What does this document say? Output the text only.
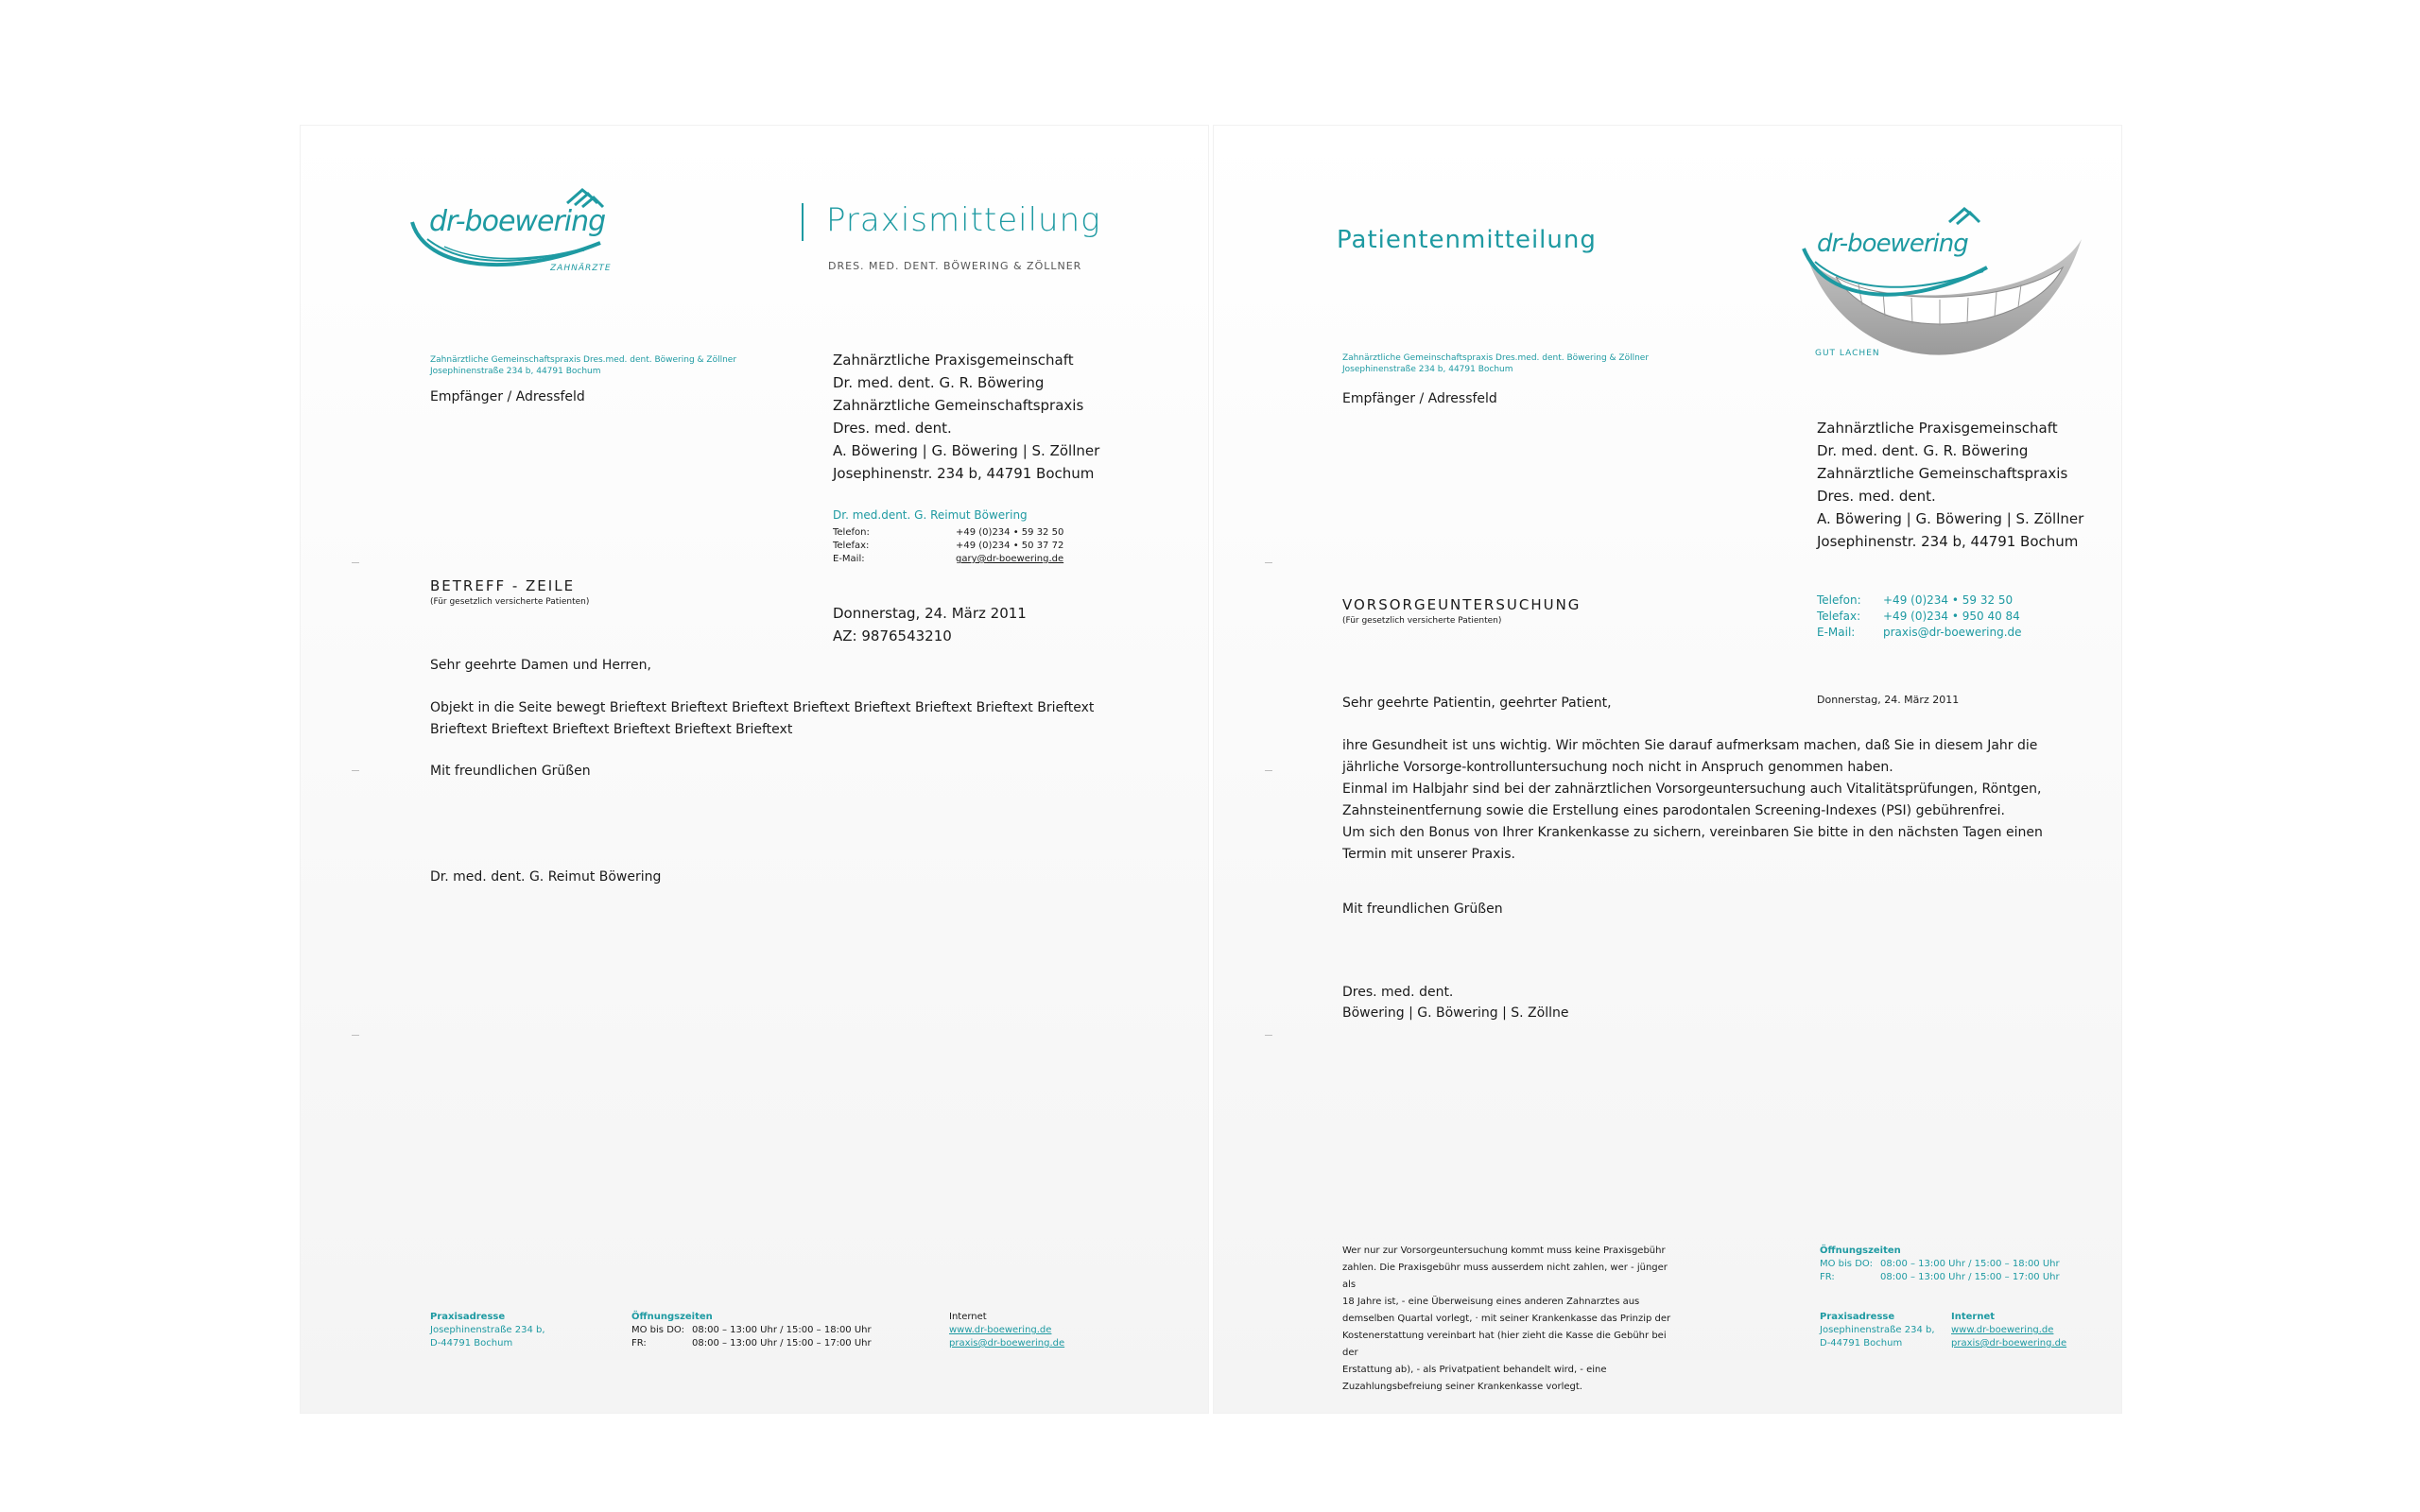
dr-boewering
ZAHNÄRZTE
Praxismitteilung
DRES. MED. DENT. BÖWERING & ZÖLLNER
Zahnärztliche Gemeinschaftspraxis Dres.med. dent. Böwering & Zöllner
Josephinenstraße 234 b, 44791 Bochum
Empfänger / Adressfeld
Zahnärztliche Praxisgemeinschaft
Dr. med. dent. G. R. Böwering
Zahnärztliche Gemeinschaftspraxis
Dres. med. dent.
A. Böwering | G. Böwering | S. Zöllner
Josephinenstr. 234 b, 44791 Bochum
Dr. med.dent. G. Reimut Böwering
Telefon:	+49 (0)234 • 59 32 50
Telefax:	+49 (0)234 • 50 37 72
E-Mail:	gary@dr-boewering.de
Donnerstag, 24. März 2011
AZ: 9876543210
BETREFF - ZEILE
(Für gesetzlich versicherte Patienten)
Sehr geehrte Damen und Herren,
Objekt in die Seite bewegt Brieftext Brieftext Brieftext Brieftext Brieftext Brieftext Brieftext Brieftext
Brieftext Brieftext Brieftext Brieftext Brieftext Brieftext
Mit freundlichen Grüßen
Dr. med. dent. G. Reimut Böwering
Praxisadresse
Josephinenstraße 234 b,
D-44791 Bochum
Öffnungszeiten
MO bis DO: 08:00 – 13:00 Uhr / 15:00 – 18:00 Uhr
FR:	08:00 – 13:00 Uhr / 15:00 – 17:00 Uhr
Internet
www.dr-boewering.de
praxis@dr-boewering.de
Patientenmitteilung	dr-boewering
GUT LACHEN
Zahnärztliche Gemeinschaftspraxis Dres.med. dent. Böwering & Zöllner
Josephinenstraße 234 b, 44791 Bochum
Empfänger / Adressfeld
Zahnärztliche Praxisgemeinschaft
Dr. med. dent. G. R. Böwering
Zahnärztliche Gemeinschaftspraxis
Dres. med. dent.
A. Böwering | G. Böwering | S. Zöllner
Josephinenstr. 234 b, 44791 Bochum
Telefon:	+49 (0)234 • 59 32 50
Telefax:	+49 (0)234 • 950 40 84
E-Mail:	praxis@dr-boewering.de
VORSORGEUNTERSUCHUNG
(Für gesetzlich versicherte Patienten)
Donnerstag, 24. März 2011
Sehr geehrte Patientin, geehrter Patient,
ihre Gesundheit ist uns wichtig. Wir möchten Sie darauf aufmerksam machen, daß Sie in diesem Jahr die
jährliche Vorsorge-kontrolluntersuchung noch nicht in Anspruch genommen haben.
Einmal im Halbjahr sind bei der zahnärztlichen Vorsorgeuntersuchung auch Vitalitätsprüfungen, Röntgen,
Zahnsteinentfernung sowie die Erstellung eines parodontalen Screening-Indexes (PSI) gebührenfrei.
Um sich den Bonus von Ihrer Krankenkasse zu sichern, vereinbaren Sie bitte in den nächsten Tagen einen
Termin mit unserer Praxis.
Mit freundlichen Grüßen
Dres. med. dent.
Böwering | G. Böwering | S. Zöllne
Wer nur zur Vorsorgeuntersuchung kommt muss keine Praxisgebühr
zahlen. Die Praxisgebühr muss ausserdem nicht zahlen, wer - jünger als
18 Jahre ist, - eine Überweisung eines anderen Zahnarztes aus
demselben Quartal vorlegt, · mit seiner Krankenkasse das Prinzip der
Kostenerstattung vereinbart hat (hier zieht die Kasse die Gebühr bei der
Erstattung ab), - als Privatpatient behandelt wird, - eine
Zuzahlungsbefreiung seiner Krankenkasse vorlegt.
Öffnungszeiten
MO bis DO: 08:00 – 13:00 Uhr / 15:00 – 18:00 Uhr
FR:	08:00 – 13:00 Uhr / 15:00 – 17:00 Uhr
Praxisadresse
Josephinenstraße 234 b,
D-44791 Bochum
Internet
www.dr-boewering.de
praxis@dr-boewering.de
